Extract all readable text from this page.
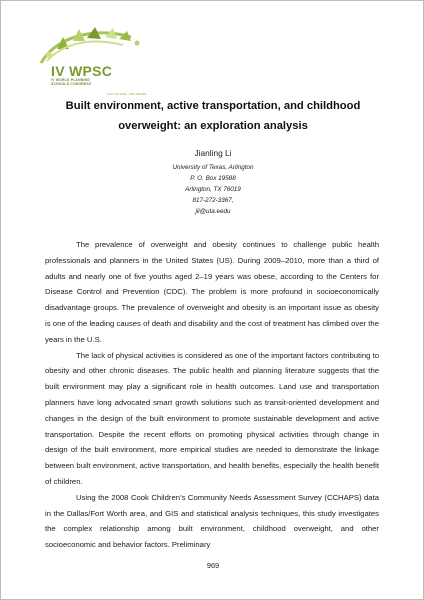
IV WPSC
IV WORLD PLANNING
SCHOOLS CONGRESS
JULY 4-8 2016 · RIO, BRAZIL
Built environment, active transportation, and childhood
overweight: an exploration analysis
Jianling Li
University of Texas, Arlington
P. O. Box 19588
Arlington, TX 76019
817-272-3367,
jli@uta.eedu

The prevalence of overweight and obesity continues to challenge public health professionals and planners in the United States (US). During 2009–2010, more than a third of adults and nearly one of five youths aged 2–19 years was obese, according to the Centers for Disease Control and Prevention (CDC). The problem is more profound in socioeconomically disadvantage groups. The prevalence of overweight and obesity is an important issue as obesity is one of the leading causes of death and disability and the cost of treatment has climbed over the years in the U.S.

The lack of physical activities is considered as one of the important factors contributing to obesity and other chronic diseases. The public health and planning literature suggests that the built environment may play a significant role in health outcomes. Land use and transportation planners have long advocated smart growth solutions such as transit-oriented development and changes in the design of the built environment to promote sustainable development and active transportation. Despite the recent efforts on promoting physical activities through change in design of the built environment, more empirical studies are needed to demonstrate the linkage between built environment, active transportation, and health benefits, especially the health benefit of children.

Using the 2008 Cook Children’s Community Needs Assessment Survey (CCHAPS) data in the Dallas/Fort Worth area, and GIS and statistical analysis techniques, this study investigates the complex relationship among built environment, childhood overweight, and other socioeconomic and behavior factors. Preliminary

969
